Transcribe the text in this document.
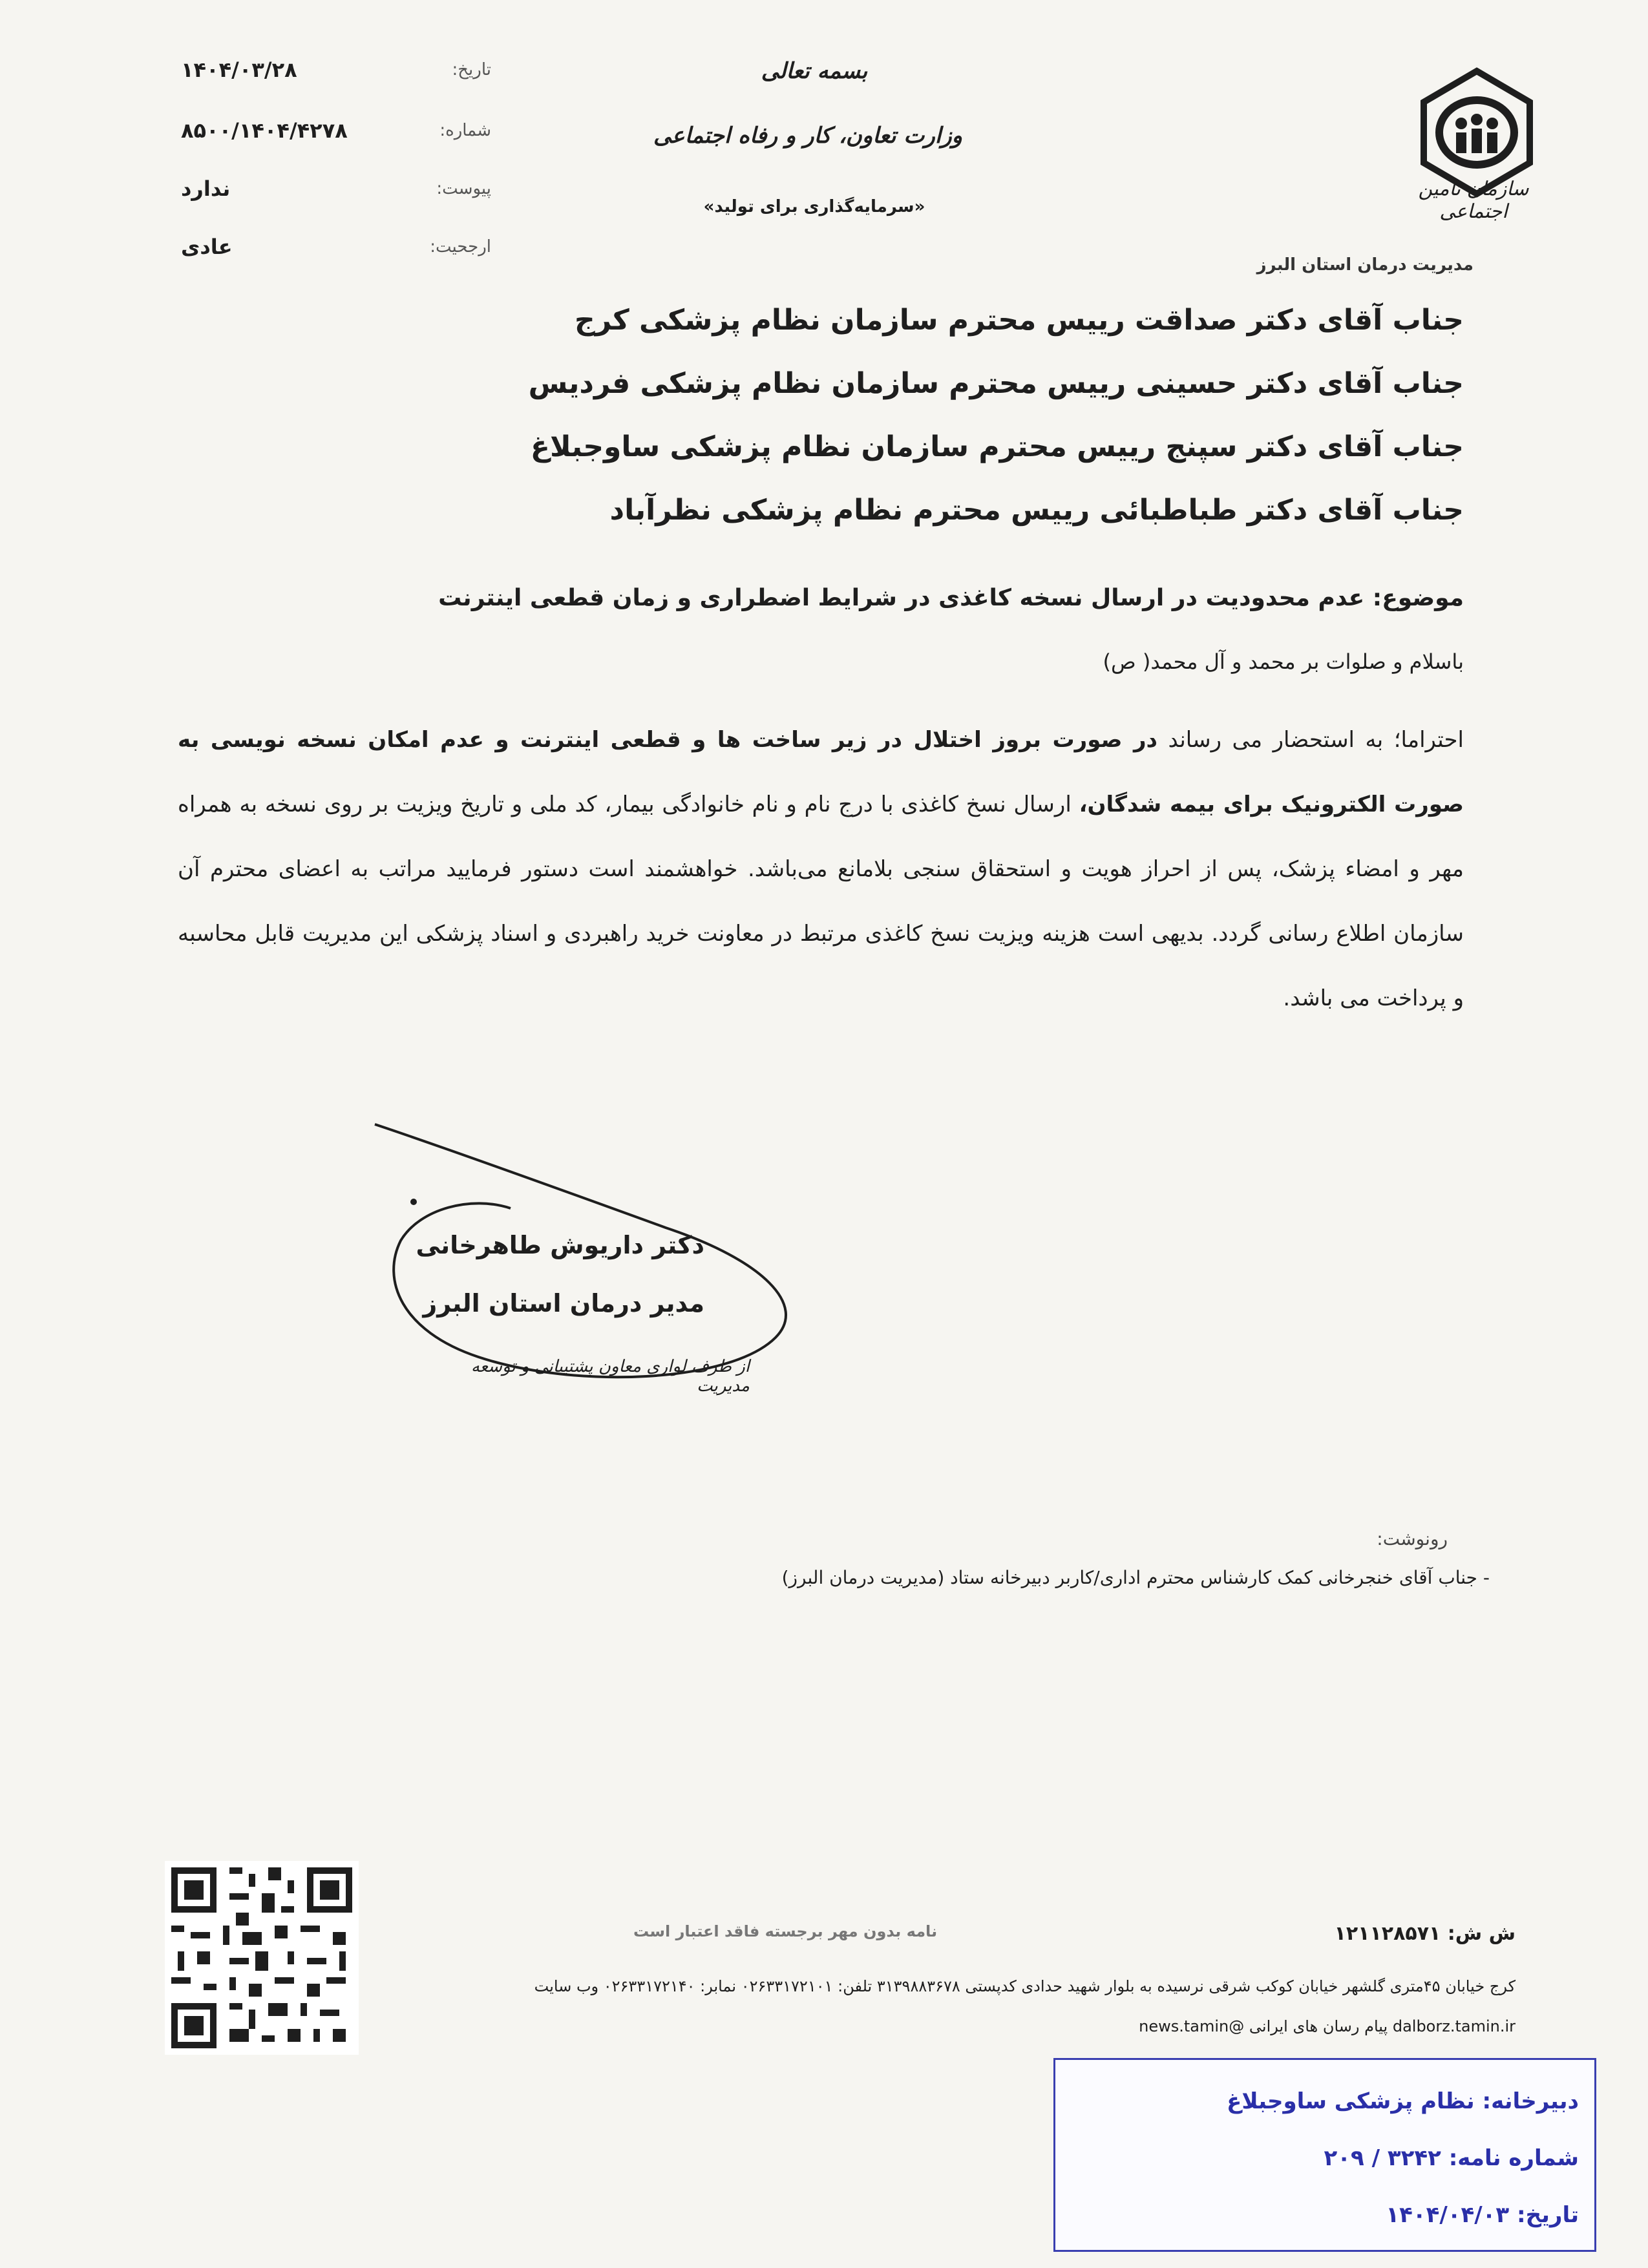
سازمان تامین اجتماعی
مدیریت درمان استان البرز
بسمه تعالی
وزارت تعاون، کار و رفاه اجتماعی
«سرمایه‌گذاری برای تولید»
تاریخ:
۱۴۰۴/۰۳/۲۸
شماره:
۸۵۰۰/۱۴۰۴/۴۲۷۸
پیوست:
ندارد
ارجحیت:
عادی
جناب آقای دکتر صداقت رییس محترم سازمان نظام پزشکی کرج
جناب آقای دکتر حسینی رییس محترم سازمان نظام پزشکی فردیس
جناب آقای دکتر سپنج رییس محترم سازمان نظام پزشکی ساوجبلاغ
جناب آقای دکتر طباطبائی رییس محترم نظام پزشکی نظرآباد
موضوع: عدم محدودیت در ارسال نسخه کاغذی در شرایط اضطراری و زمان قطعی اینترنت
باسلام و صلوات بر محمد و آل محمد( ص)
احتراما؛ به استحضار می رساند در صورت بروز اختلال در زیر ساخت ها و قطعی اینترنت و عدم امکان نسخه نویسی به صورت الکترونیک برای بیمه شدگان، ارسال نسخ کاغذی با درج نام و نام خانوادگی بیمار، کد ملی و تاریخ ویزیت بر روی نسخه به همراه مهر و امضاء پزشک، پس از احراز هویت و استحقاق سنجی بلامانع می‌باشد. خواهشمند است دستور فرمایید مراتب به اعضای محترم آن سازمان اطلاع رسانی گردد. بدیهی است هزینه ویزیت نسخ کاغذی مرتبط در معاونت خرید راهبردی و اسناد پزشکی این مدیریت قابل محاسبه و پرداخت می باشد.
دکتر داریوش طاهرخانی
مدیر درمان استان البرز
از طرف لواری معاون پشتیبانی و توسعه مدیریت
رونوشت:
- جناب آقای خنجرخانی کمک کارشناس محترم اداری/کاربر دبیرخانه ستاد (مدیریت درمان البرز)
نامه بدون مهر برجسته فاقد اعتبار است	ش ش: ۱۲۱۱۲۸۵۷۱
کرج خیابان ۴۵متری گلشهر خیابان کوکب شرقی نرسیده به بلوار شهید حدادی کدپستی ۳۱۳۹۸۸۳۶۷۸ تلفن: ۰۲۶۳۳۱۷۲۱۰۱ نمابر: ۰۲۶۳۳۱۷۲۱۴۰ وب سایت
dalborz.tamin.ir پیام رسان های ایرانی @news.tamin
دبیرخانه: نظام پزشکی ساوجبلاغ
شماره نامه: ۳۲۴۲ / ۲۰۹
تاریخ: ۱۴۰۴/۰۴/۰۳
